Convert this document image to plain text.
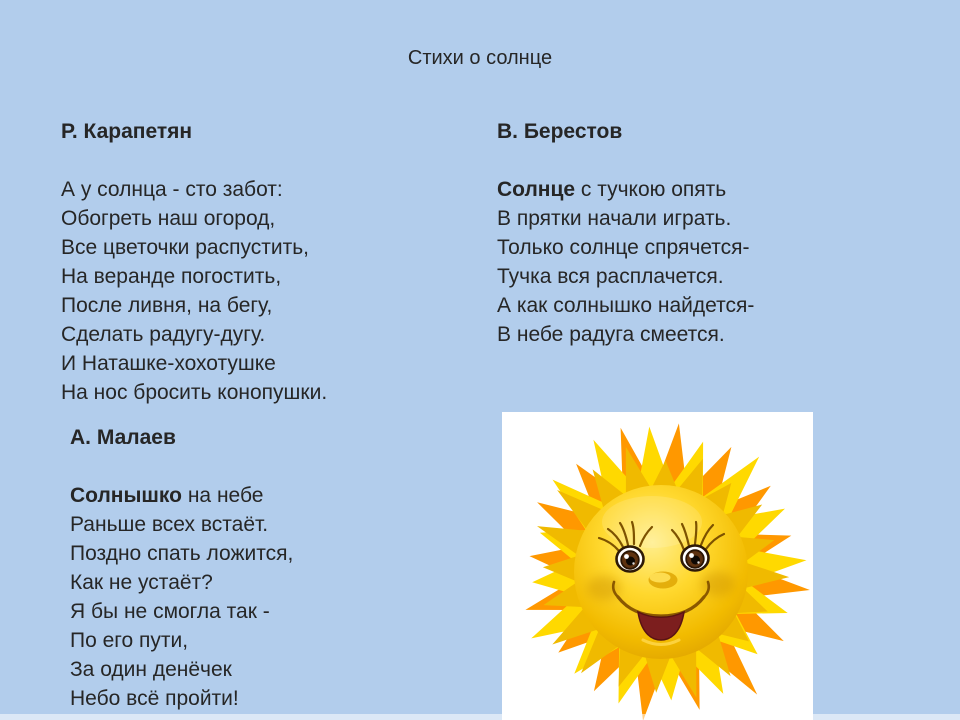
Стихи о солнце
Р. Карапетян
А у солнца - сто забот:
Обогреть наш огород,
Все цветочки распустить,
На веранде погостить,
После ливня, на бегу,
Сделать радугу-дугу.
И Наташке-хохотушке
На нос бросить конопушки.
В. Берестов
Солнце с тучкою опять
В прятки начали играть.
Только солнце спрячется-
Тучка вся расплачется.
А как солнышко найдется-
В небе радуга смеется.
А. Малаев
Солнышко на небе
Раньше всех встаёт.
Поздно спать ложится,
Как не устаёт?
Я бы не смогла так -
По его пути,
За один денёчек
Небо всё пройти!
